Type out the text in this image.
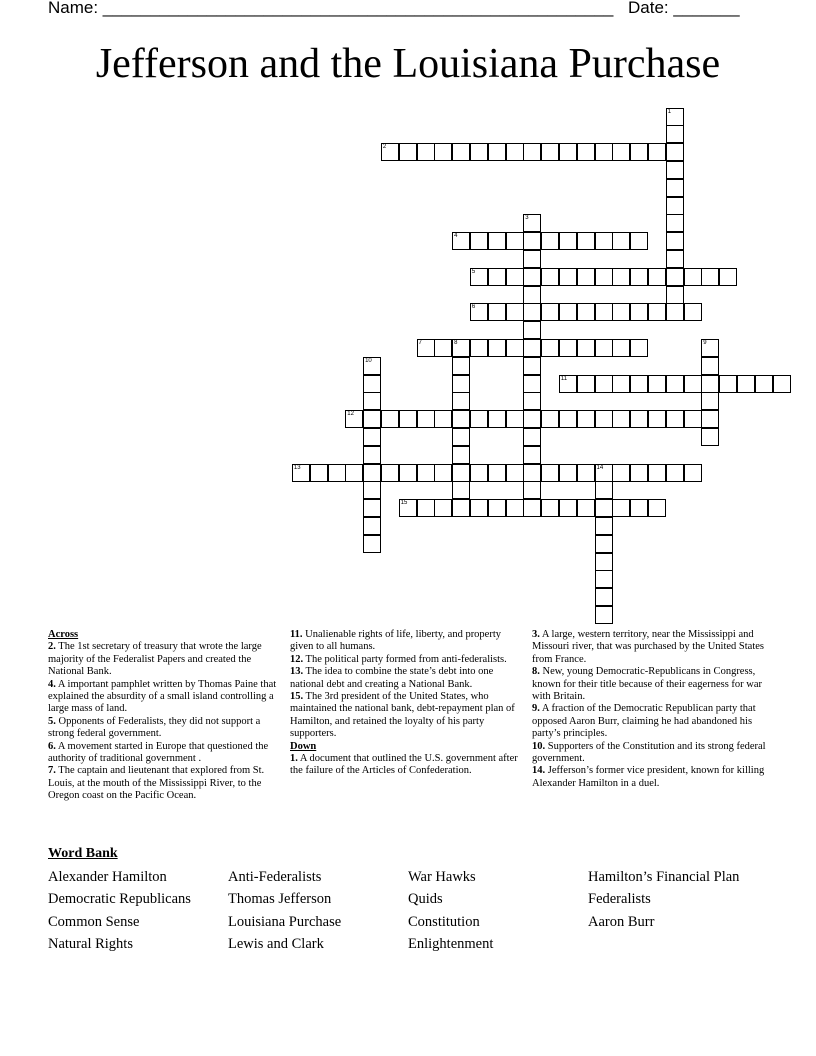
Name: ______________________________________________________ Date: _______
Jefferson and the Louisiana Purchase
1
2
3
4
5
6
7	8	9
10
11
12
13	14
15
Across
2. The 1st secretary of treasury that wrote the large majority of the Federalist Papers and created the National Bank.
4. A important pamphlet written by Thomas Paine that explained the absurdity of a small island controlling a large mass of land.
5. Opponents of Federalists, they did not support a strong federal government.
6. A movement started in Europe that questioned the authority of traditional government .
7. The captain and lieutenant that explored from St. Louis, at the mouth of the Mississippi River, to the Oregon coast on the Pacific Ocean.
11. Unalienable rights of life, liberty, and property given to all humans.
12. The political party formed from anti-federalists.
13. The idea to combine the state’s debt into one national debt and creating a National Bank.
15. The 3rd president of the United States, who maintained the national bank, debt-repayment plan of Hamilton, and retained the loyalty of his party supporters.
Down
1. A document that outlined the U.S. government after the failure of the Articles of Confederation.
3. A large, western territory, near the Mississippi and Missouri river, that was purchased by the United States from France.
8. New, young Democratic-Republicans in Congress, known for their title because of their eagerness for war with Britain.
9. A fraction of the Democratic Republican party that opposed Aaron Burr, claiming he had abandoned his party’s principles.
10. Supporters of the Constitution and its strong federal government.
14. Jefferson’s former vice president, known for killing Alexander Hamilton in a duel.
Word Bank
Alexander Hamilton	Anti-Federalists	War Hawks	Hamilton’s Financial Plan
Democratic Republicans	Thomas Jefferson	Quids	Federalists
Common Sense	Louisiana Purchase	Constitution	Aaron Burr
Natural Rights	Lewis and Clark	Enlightenment
